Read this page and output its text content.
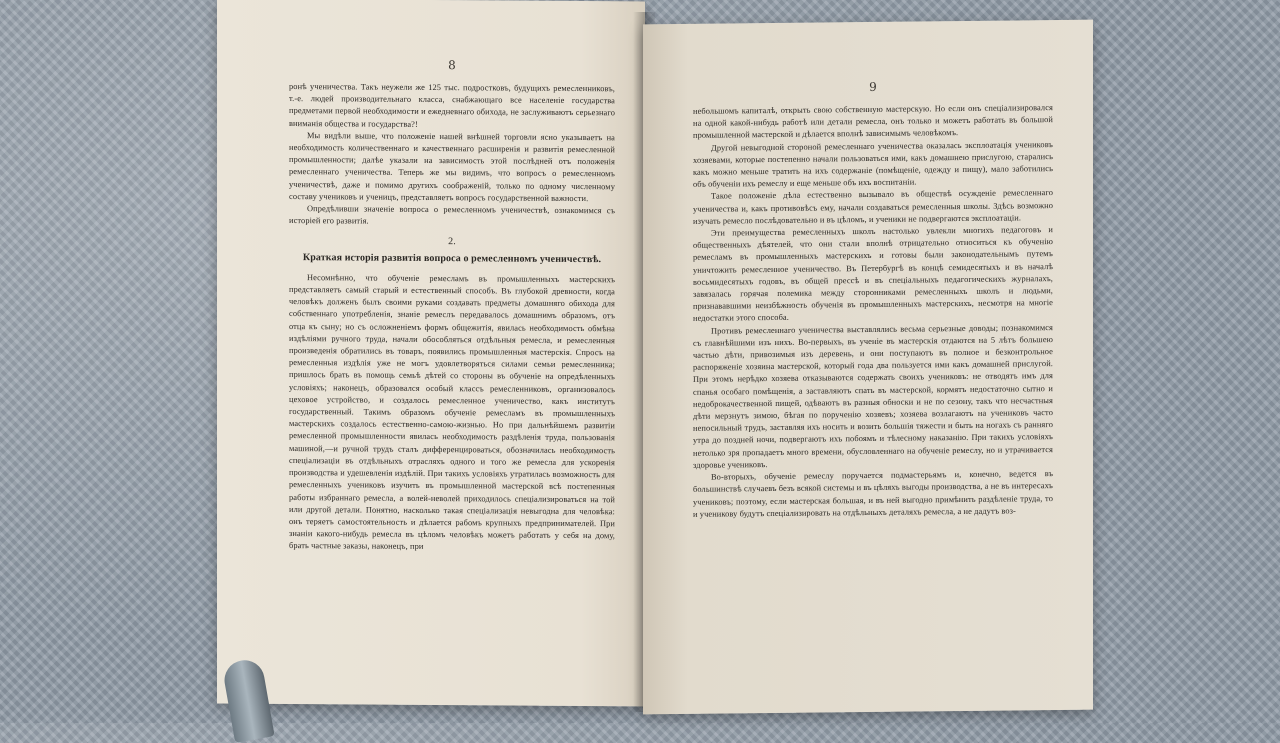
8

ронѣ ученичества. Такъ неужели же 125 тыс. подростковъ, будущихъ ремесленниковъ, т.-е. людей производительнаго класса, снабжающаго все населеніе государства предметами первой необходимости и ежедневнаго обихода, не заслуживаютъ серьезнаго вниманія общества и государства?!

Мы видѣли выше, что положеніе нашей внѣшней торговли ясно указываетъ на необходимость количественнаго и качественнаго расширенія и развитія ремесленной промышленности; далѣе указали на зависимость этой послѣдней отъ положенія ремесленнаго ученичества. Теперь же мы видимъ, что вопросъ о ремесленномъ ученичествѣ, даже и помимо другихъ соображеній, только по одному численному составу учениковъ и ученицъ, представляетъ вопросъ государственной важности.

Опредѣливши значеніе вопроса о ремесленномъ ученичествѣ, ознакомимся съ исторіей его развитія.

2.
Краткая исторія развитія вопроса о ремесленномъ ученичествѣ.

Несомнѣнно, что обученіе ремесламъ въ промышленныхъ мастерскихъ представляетъ самый старый и естественный способъ. Въ глубокой древности, когда человѣкъ долженъ былъ своими руками создавать предметы домашняго обихода для собственнаго употребленія, знаніе ремеслъ передавалось домашнимъ образомъ, отъ отца къ сыну; но съ осложненіемъ формъ общежитія, явилась необходимость обмѣна издѣліями ручного труда, начали обособляться отдѣльныя ремесла, и ремесленныя произведенія обратились въ товаръ, появились промышленныя мастерскія. Спросъ на ремесленныя издѣлія уже не могъ удовлетворяться силами семьи ремесленника; пришлось брать въ помощь семьѣ дѣтей со стороны въ обученіе на опредѣленныхъ условіяхъ; наконецъ, образовался особый классъ ремесленниковъ, организовалось цеховое устройство, и создалось ремесленное ученичество, какъ институтъ государственный. Такимъ образомъ обученіе ремесламъ въ промышленныхъ мастерскихъ создалось естественно-самою-жизнью. Но при дальнѣйшемъ развитіи ремесленной промышленности явилась необходимость раздѣленія труда, пользованія машиной,—и ручной трудъ сталъ дифференцироваться, обозначилась необходимость спеціализаціи въ отдѣльныхъ отрасляхъ одного и того же ремесла для ускоренія производства и удешевленія издѣлій. При такихъ условіяхъ утратилась возможность для ремесленныхъ учениковъ изучить въ промышленной мастерской всѣ постепенныя работы избраннаго ремесла, а волей-неволей приходилось спеціализироваться на той или другой детали. Понятно, насколько такая спеціализація невыгодна для человѣка: онъ теряетъ самостоятельность и дѣлается рабомъ крупныхъ предпринимателей. При знаніи какого-нибудь ремесла въ цѣломъ человѣкъ можетъ работать у себя на дому, брать частные заказы, наконецъ, при

9

небольшомъ капиталѣ, открыть свою собственную мастерскую. Но если онъ спеціализировался на одной какой-нибудь работѣ или детали ремесла, онъ только и можетъ работать въ большой промышленной мастерской и дѣлается вполнѣ зависимымъ человѣкомъ.

Другой невыгодной стороной ремесленнаго ученичества оказалась эксплоатація учениковъ хозяевами, которые постепенно начали пользоваться ими, какъ домашнею прислугою, старались какъ можно меньше тратить на ихъ содержаніе (помѣщеніе, одежду и пищу), мало заботились объ обученіи ихъ ремеслу и еще меньше объ ихъ воспитаніи.

Такое положеніе дѣла естественно вызывало въ обществѣ осужденіе ремесленнаго ученичества и, какъ противовѣсъ ему, начали создаваться ремесленныя школы. Здѣсь возможно изучать ремесло послѣдовательно и въ цѣломъ, и ученики не подвергаются эксплоатаціи.

Эти преимущества ремесленныхъ школъ настолько увлекли многихъ педагоговъ и общественныхъ дѣятелей, что они стали вполнѣ отрицательно относиться къ обученію ремесламъ въ промышленныхъ мастерскихъ и готовы были законодательнымъ путемъ уничтожить ремесленное ученичество. Въ Петербургѣ въ концѣ семидесятыхъ и въ началѣ восьмидесятыхъ годовъ, въ общей прессѣ и въ спеціальныхъ педагогическихъ журналахъ, завязалась горячая полемика между сторонниками ремесленныхъ школъ и людьми, признававшими неизбѣжность обученія въ промышленныхъ мастерскихъ, несмотря на многіе недостатки этого способа.

Противъ ремесленнаго ученичества выставлялись весьма серьезные доводы; познакомимся съ главнѣйшими изъ нихъ. Во-первыхъ, въ ученіе въ мастерскія отдаются на 5 лѣтъ большею частью дѣти, привозимыя изъ деревень, и они поступаютъ въ полное и безконтрольное распоряженіе хозяина мастерской, который года два пользуется ими какъ домашней прислугой. При этомъ нерѣдко хозяева отказываются содержать своихъ учениковъ: не отводятъ имъ для спанья особаго помѣщенія, а заставляютъ спать въ мастерской, кормятъ недостаточно сытно и недоброкачественной пищей, одѣваютъ въ разныя обноски и не по сезону, такъ что несчастныя дѣти мерзнутъ зимою, бѣгая по порученію хозяевъ; хозяева возлагаютъ на учениковъ часто непосильный трудъ, заставляя ихъ носить и возить большія тяжести и быть на ногахъ съ ранняго утра до поздней ночи, подвергаютъ ихъ побоямъ и тѣлесному наказанію. При такихъ условіяхъ нетолько зря пропадаетъ много времени, обусловленнаго на обученіе ремеслу, но и утрачивается здоровье учениковъ.

Во-вторыхъ, обученіе ремеслу поручается подмастерьямъ и, конечно, ведется въ большинствѣ случаевъ безъ всякой системы и въ цѣляхъ выгоды производства, а не въ интересахъ учениковъ; поэтому, если мастерская большая, и въ ней выгодно примѣнить раздѣленіе труда, то и ученикову будутъ спеціализировать на отдѣльныхъ деталяхъ ремесла, а не дадутъ воз-
